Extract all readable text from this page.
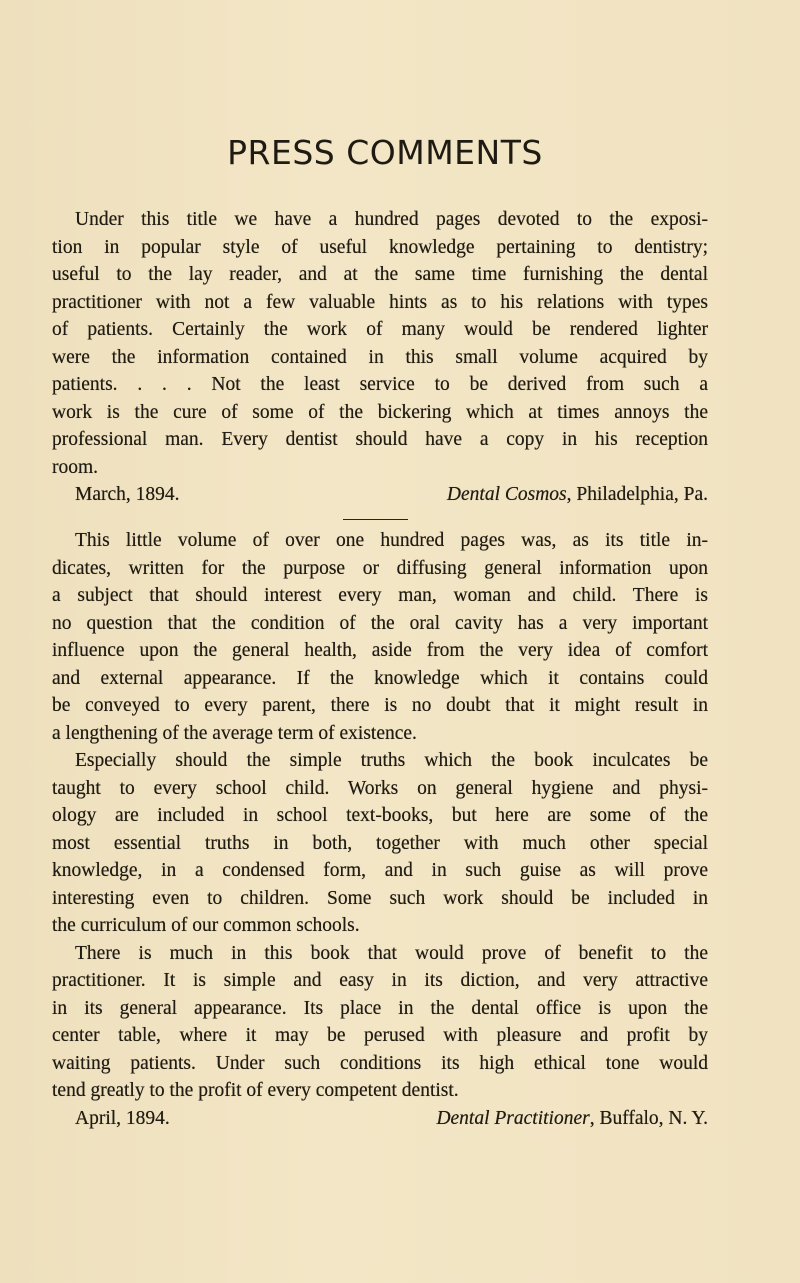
PRESS COMMENTS
Under this title we have a hundred pages devoted to the exposi-
tion in popular style of useful knowledge pertaining to dentistry;
useful to the lay reader, and at the same time furnishing the dental
practitioner with not a few valuable hints as to his relations with types
of patients. Certainly the work of many would be rendered lighter
were the information contained in this small volume acquired by
patients. . . . Not the least service to be derived from such a
work is the cure of some of the bickering which at times annoys the
professional man. Every dentist should have a copy in his reception
room.
March, 1894.	Dental Cosmos, Philadelphia, Pa.
This little volume of over one hundred pages was, as its title in-
dicates, written for the purpose or diffusing general information upon
a subject that should interest every man, woman and child. There is
no question that the condition of the oral cavity has a very important
influence upon the general health, aside from the very idea of comfort
and external appearance. If the knowledge which it contains could
be conveyed to every parent, there is no doubt that it might result in
a lengthening of the average term of existence.
Especially should the simple truths which the book inculcates be
taught to every school child. Works on general hygiene and physi-
ology are included in school text-books, but here are some of the
most essential truths in both, together with much other special
knowledge, in a condensed form, and in such guise as will prove
interesting even to children. Some such work should be included in
the curriculum of our common schools.
There is much in this book that would prove of benefit to the
practitioner. It is simple and easy in its diction, and very attractive
in its general appearance. Its place in the dental office is upon the
center table, where it may be perused with pleasure and profit by
waiting patients. Under such conditions its high ethical tone would
tend greatly to the profit of every competent dentist.
April, 1894.	Dental Practitioner, Buffalo, N. Y.
